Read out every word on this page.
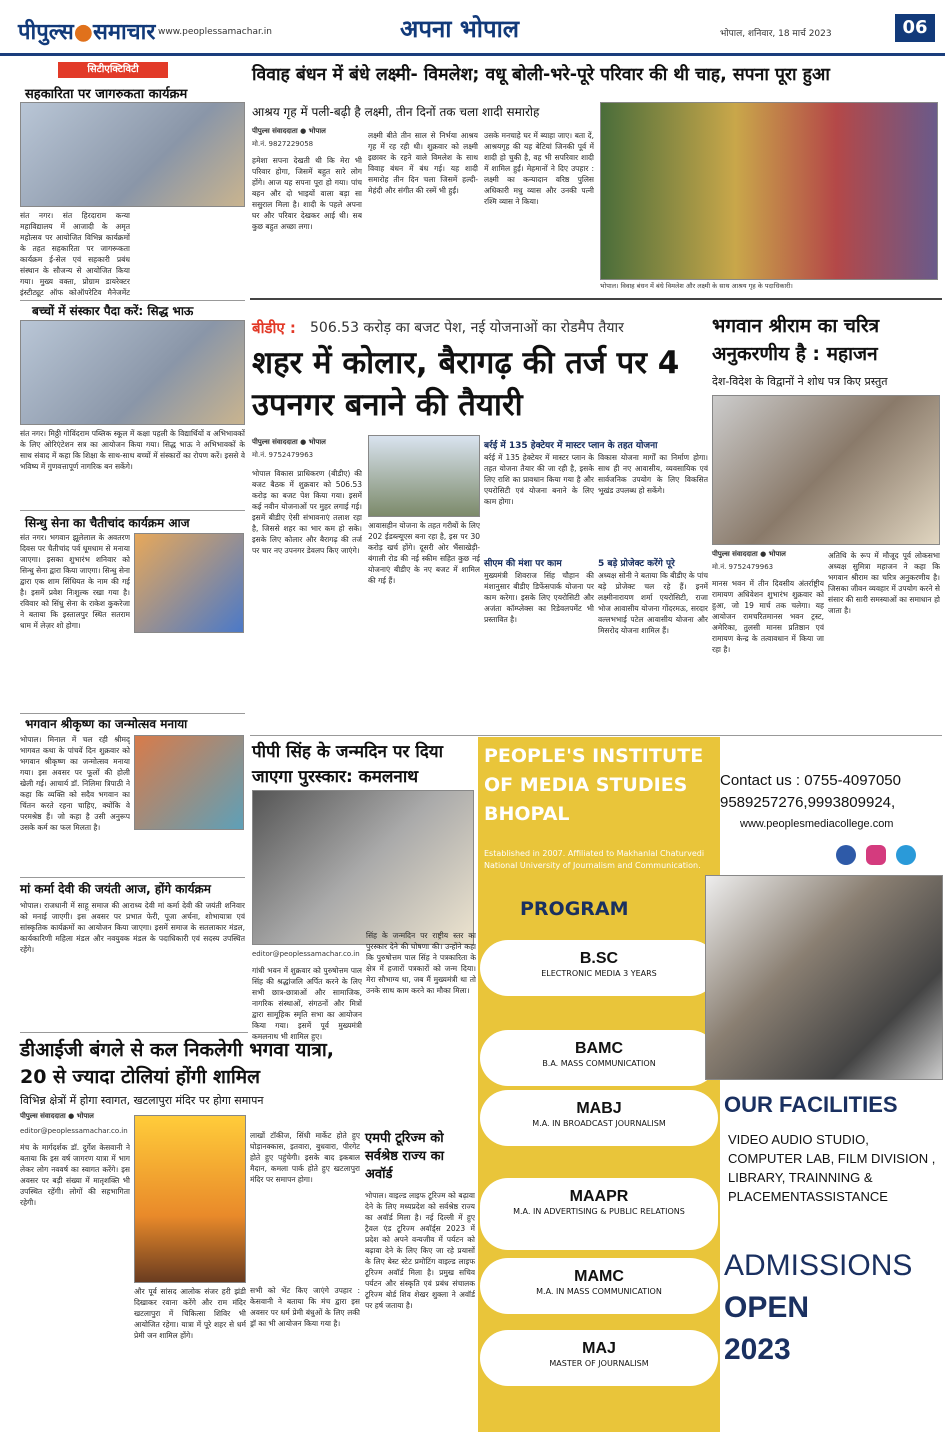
पीपुल्स●समाचार www.peoplessamachar.in	अपना भोपाल	भोपाल, शनिवार, 18 मार्च 2023	06
सिटीएक्टिविटी
सहकारिता पर जागरुकता कार्यक्रम
संत नगर। संत हिरदाराम कन्या महाविद्यालय में आजादी के अमृत महोत्सव पर आयोजित विभिन्न कार्यक्रमों के तहत सहकारिता पर जागरूकता कार्यक्रम ई-सेल एवं सहकारी प्रबंध संस्थान के सौजन्य से आयोजित किया गया। मुख्य वक्ता, प्रोग्राम डायरेक्टर इंस्टीट्यूट ऑफ कोऑपरेटिव मैनेजमेंट
बच्चों में संस्कार पैदा करें: सिद्ध भाऊ
संत नगर। मिठ्ठी गोविंदराम पब्लिक स्कूल में कक्षा पहली के विद्यार्थियों व अभिभावकों के लिए ओरिएंटेशन सत्र का आयोजन किया गया। सिद्ध भाऊ ने अभिभावकों के साथ संवाद में कहा कि शिक्षा के साथ-साथ बच्चों में संस्कारों का रोपण करें। इससे वे भविष्य में गुणवत्तापूर्ण नागरिक बन सकेंगे।
सिन्धु सेना का चैतीचांद कार्यक्रम आज
संत नगर। भगवान झूलेलाल के अवतरण दिवस पर चैतीचांद पर्व धूमधाम से मनाया जाएगा। इसका शुभारंभ शनिवार को सिन्धु सेना द्वारा किया जाएगा। सिन्धु सेना द्वारा एक शाम सिंधियत के नाम की गई है। इसमें प्रवेश निःशुल्क रखा गया है। रविवार को सिंधु सेना के राकेश कुकरेजा ने बताया कि इस्तालपुर स्थित सतराम धाम में लेज़र शो होगा।
भगवान श्रीकृष्ण का जन्मोत्सव मनाया
भोपाल। मिनाल में चल रही श्रीमद् भागवत कथा के पांचवें दिन शुक्रवार को भगवान श्रीकृष्ण का जन्मोत्सव मनाया गया। इस अवसर पर फूलों की होली खेली गई। आचार्य डॉ. निलिमा त्रिपाठी ने कहा कि व्यक्ति को सदैव भगवान का चिंतन करते रहना चाहिए, क्योंकि वे परमश्रेष्ठ हैं। जो कहा है उसी अनुरूप उसके कर्म का फल मिलता है।
मां कर्मा देवी की जयंती आज, होंगे कार्यक्रम
भोपाल। राजधानी में साहू समाज की आराध्य देवी मां कर्मा देवी की जयंती शनिवार को मनाई जाएगी। इस अवसर पर प्रभात फेरी, पूजा अर्चना, शोभायात्रा एवं सांस्कृतिक कार्यक्रमों का आयोजन किया जाएगा। इसमें समाज के सतलाकार मंडल, कार्यकारिणी महिला मंडल और नवयुवक मंडल के पदाधिकारी एवं सदस्य उपस्थित रहेंगे।
विवाह बंधन में बंधे लक्ष्मी- विमलेश; वधू बोली-भरे-पूरे परिवार की थी चाह, सपना पूरा हुआ
आश्रय गृह में पली-बढ़ी है लक्ष्मी, तीन दिनों तक चला शादी समारोह
पीपुल्स संवाददाता ● भोपाल
मो.नं. 9827229058
हमेशा सपना देखती थी कि मेरा भी परिवार होगा, जिसमें बहुत सारे लोग होंगे। आज यह सपना पूरा हो गया। पांच बहन और दो भाइयों वाला बड़ा सा ससुराल मिला है। शादी के पहले अपना घर और परिवार देखकर आई थी। सब कुछ बहुत अच्छा लगा।
लक्ष्मी बीते तीन साल से निर्भया आश्रय गृह में रह रही थी। शुक्रवार को लक्ष्मी इछावर के रहने वाले विमलेश के साथ विवाह बंधन में बंध गई। यह शादी समारोह तीन दिन चला जिसमें हल्दी-मेहंदी और संगीत की रस्में भी हुईं।
उसके मनचाहे घर में ब्याहा जाए। बता दें, आश्रयगृह की यह बेटियां जिनकी पूर्व में शादी हो चुकी है, वह भी सपरिवार शादी में शामिल हुईं। मेहमानों ने दिए उपहार : लक्ष्मी का कन्यादान वरिष्ठ पुलिस अधिकारी मधु व्यास और उनकी पत्नी रश्मि व्यास ने किया।
भोपाल। विवाह बंधन में बंधे विमलेश और लक्ष्मी के साथ आश्रय गृह के पदाधिकारी।
बीडीए : 506.53 करोड़ का बजट पेश, नई योजनाओं का रोडमैप तैयार
शहर में कोलार, बैरागढ़ की तर्ज पर 4 उपनगर बनाने की तैयारी
पीपुल्स संवाददाता ● भोपाल
मो.नं. 9752479963
भोपाल विकास प्राधिकरण (बीडीए) की बजट बैठक में शुक्रवार को 506.53 करोड़ का बजट पेश किया गया। इसमें कई नवीन योजनाओं पर मुहर लगाई गई। इसमें बीडीए ऐसी संभावनाएं तलाश रहा है, जिससे शहर का भार कम हो सके। इसके लिए कोलार और बैरागढ़ की तर्ज पर चार नए उपनगर डेवलप किए जाएंगे।
आवासहीन योजना के तहत गरीबों के लिए 202 ईडब्ल्यूएस बना रहा है, इस पर 30 करोड़ खर्च होंगे। दूसरी ओर भैंसाखेड़ी-बंगाली रोड की नई स्कीम सहित कुछ नई योजनाएं बीडीए के नए बजट में शामिल की गई हैं।
बर्रई में 135 हेक्टेयर में मास्टर प्लान के तहत योजना
बर्रई में 135 हेक्टेयर में मास्टर प्लान के तहत योजना तैयार की जा रही है, इसके लिए राशि का प्रावधान किया गया है और एयरोसिटी एवं योजना बनाने के लिए काम होगा।
सीएम की मंशा पर काम
मुख्यमंत्री शिवराज सिंह चौहान की मंशानुसार बीडीए डिफेंसपार्क योजना पर काम करेगा। इसके लिए एयरोसिटी और अजंता कॉम्प्लेक्स का रिडेवलपमेंट भी प्रस्तावित है।
विकास योजना मार्गों का निर्माण होगा। साथ ही नए आवासीय, व्यवसायिक एवं सार्वजनिक उपयोग के लिए विकसित भूखंड उपलब्ध हो सकेंगे।
5 बड़े प्रोजेक्ट करेंगे पूरे
अध्यक्ष सोनी ने बताया कि बीडीए के पांच बड़े प्रोजेक्ट चल रहे हैं। इनमें लक्ष्मीनारायण शर्मा एयरोसिटी, राजा भोज आवासीय योजना गोंदरमऊ, सरदार वल्लभभाई पटेल आवासीय योजना और मिसरोद योजना शामिल हैं।
भगवान श्रीराम का चरित्र अनुकरणीय है : महाजन
देश-विदेश के विद्वानों ने शोध पत्र किए प्रस्तुत
पीपुल्स संवाददाता ● भोपाल
मो.नं. 9752479963
मानस भवन में तीन दिवसीय अंतर्राष्ट्रीय रामायण अधिवेशन शुभारंभ शुक्रवार को हुआ, जो 19 मार्च तक चलेगा। यह आयोजन रामचरितमानस भवन ट्रस्ट, अमेरिका, तुलसी मानस प्रतिष्ठान एवं रामायण केन्द्र के तत्वावधान में किया जा रहा है।
अतिथि के रूप में मौजूद पूर्व लोकसभा अध्यक्ष सुमित्रा महाजन ने कहा कि भगवान श्रीराम का चरित्र अनुकरणीय है। जिसका जीवन व्यवहार में उपयोग करने से संसार की सारी समस्याओं का समाधान हो जाता है।
पीपी सिंह के जन्मदिन पर दिया जाएगा पुरस्कार: कमलनाथ
editor@peoplessamachar.co.in
गांधी भवन में शुक्रवार को पुरुषोत्तम पाल सिंह की श्रद्धांजलि अर्पित करने के लिए सभी छात्र-छात्राओं और सामाजिक, नागरिक संस्थाओं, संगठनों और मित्रों द्वारा सामूहिक स्मृति सभा का आयोजन किया गया। इसमें पूर्व मुख्यमंत्री कमलनाथ भी शामिल हुए।
सिंह के जन्मदिन पर राष्ट्रीय स्तर का पुरस्कार देने की घोषणा की। उन्होंने कहा कि पुरुषोत्तम पाल सिंह ने पत्रकारिता के क्षेत्र में हजारों पत्रकारों को जन्म दिया। मेरा सौभाग्य था, जब मैं मुख्यमंत्री था तो उनके साथ काम करने का मौका मिला।
डीआईजी बंगले से कल निकलेगी भगवा यात्रा, 20 से ज्यादा टोलियां होंगी शामिल
विभिन्न क्षेत्रों में होगा स्वागत, खटलापुरा मंदिर पर होगा समापन
पीपुल्स संवाददाता ● भोपाल
editor@peoplessamachar.co.in
मंच के मार्गदर्शक डॉ. दुर्गेश केसवानी ने बताया कि इस वर्ष जागरण यात्रा में भाग लेकर लोग नववर्ष का स्वागत करेंगे। इस अवसर पर बड़ी संख्या में मातृशक्ति भी उपस्थित रहेंगी। लोगों की सहभागिता रहेगी।
और पूर्व सांसद आलोक संजर हरी झंडी दिखाकर रवाना करेंगे और राम मंदिर खटलापुरा में चिकित्सा शिविर भी आयोजित रहेगा। यात्रा में पूरे शहर से धर्म प्रेमी जन शामिल होंगे।
लाखों टॉकीज, सिंधी मार्केट होते हुए घोड़ानक्कास, इतवारा, बुधवारा, पीरगेट होते हुए पहुंचेगी। इसके बाद इकबाल मैदान, कमला पार्क होते हुए खटलापुरा मंदिर पर समापन होगा।
सभी को भेंट किए जाएंगे उपहार : केसवानी ने बताया कि मंच द्वारा इस अवसर पर धर्म प्रेमी बंधुओं के लिए लकी ड्रॉ का भी आयोजन किया गया है।
एमपी टूरिज्म को सर्वश्रेष्ठ राज्य का अवॉर्ड
भोपाल। वाइल्ड लाइफ टूरिज्म को बढ़ावा देने के लिए मध्यप्रदेश को सर्वश्रेष्ठ राज्य का अवॉर्ड मिला है। नई दिल्ली में हुए ट्रैवल एंड टूरिज्म अवॉर्ड्स 2023 में प्रदेश को अपने वन्यजीव में पर्यटन को बढ़ावा देने के लिए किए जा रहे प्रयासों के लिए बेस्ट स्टेट प्रमोटिंग वाइल्ड लाइफ टूरिज्म अवॉर्ड मिला है। प्रमुख सचिव पर्यटन और संस्कृति एवं प्रबंध संचालक टूरिज्म बोर्ड शिव शेखर शुक्ला ने अवॉर्ड पर हर्ष जताया है।
PEOPLE'S INSTITUTE OF MEDIA STUDIES BHOPAL
Established in 2007. Affiliated to Makhanlal Chaturvedi National University of Journalism and Communication.
PROGRAM
B.SC
ELECTRONIC MEDIA 3 YEARS
BAMC
B.A. MASS COMMUNICATION
MABJ
M.A. IN BROADCAST JOURNALISM
MAAPR
M.A. IN ADVERTISING & PUBLIC RELATIONS
MAMC
M.A. IN MASS COMMUNICATION
MAJ
MASTER OF JOURNALISM
Contact us : 0755-4097050
9589257276,9993809924,
www.peoplesmediacollege.com
OUR FACILITIES
VIDEO AUDIO STUDIO, COMPUTER LAB, FILM DIVISION , LIBRARY, TRAINNING & PLACEMENTASSISTANCE
ADMISSIONS
OPEN
2023
